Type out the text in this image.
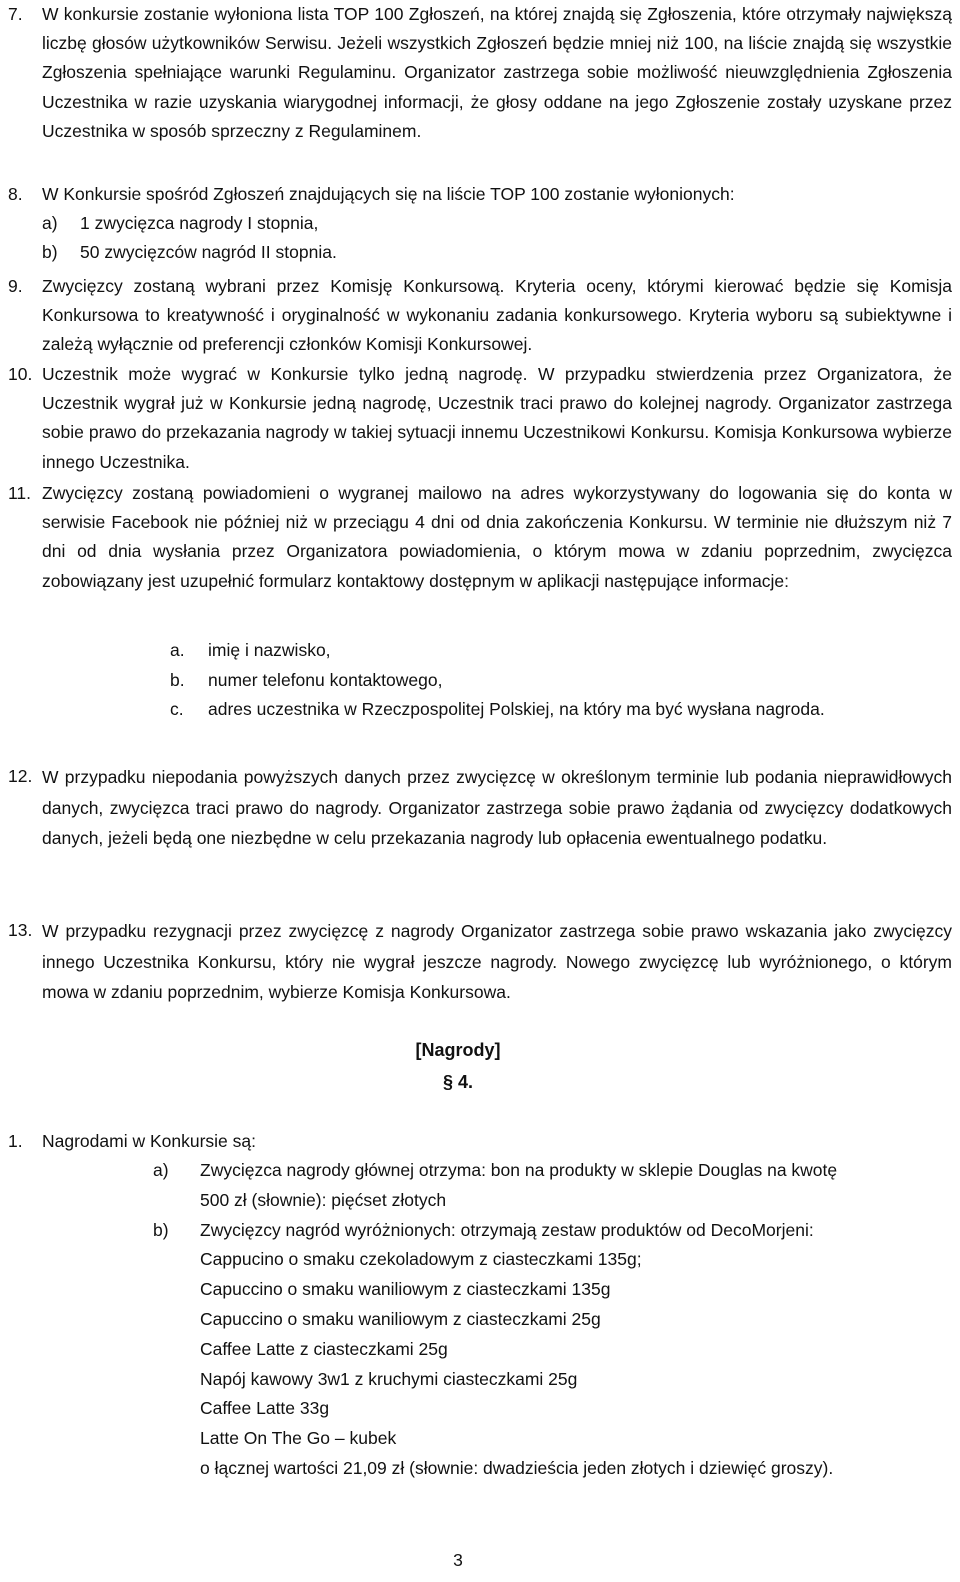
7. W konkursie zostanie wyłoniona lista TOP 100 Zgłoszeń, na której znajdą się Zgłoszenia, które otrzymały największą liczbę głosów użytkowników Serwisu. Jeżeli wszystkich Zgłoszeń będzie mniej niż 100, na liście znajdą się wszystkie Zgłoszenia spełniające warunki Regulaminu. Organizator zastrzega sobie możliwość nieuwzględnienia Zgłoszenia Uczestnika w razie uzyskania wiarygodnej informacji, że głosy oddane na jego Zgłoszenie zostały uzyskane przez Uczestnika w sposób sprzeczny z Regulaminem.

8. W Konkursie spośród Zgłoszeń znajdujących się na liście TOP 100 zostanie wyłonionych:

a) 1 zwycięzca nagrody I stopnia,
b) 50 zwycięzców nagród II stopnia.
9. Zwycięzcy zostaną wybrani przez Komisję Konkursową. Kryteria oceny, którymi kierować będzie się Komisja Konkursowa to kreatywność i oryginalność w wykonaniu zadania konkursowego. Kryteria wyboru są subiektywne i zależą wyłącznie od preferencji członków Komisji Konkursowej.

10. Uczestnik może wygrać w Konkursie tylko jedną nagrodę. W przypadku stwierdzenia przez Organizatora, że Uczestnik wygrał już w Konkursie jedną nagrodę, Uczestnik traci prawo do kolejnej nagrody. Organizator zastrzega sobie prawo do przekazania nagrody w takiej sytuacji innemu Uczestnikowi Konkursu. Komisja Konkursowa wybierze innego Uczestnika.

11. Zwycięzcy zostaną powiadomieni o wygranej mailowo na adres wykorzystywany do logowania się do konta w serwisie Facebook nie później niż w przeciągu 4 dni od dnia zakończenia Konkursu. W terminie nie dłuższym niż 7 dni od dnia wysłania przez Organizatora powiadomienia, o którym mowa w zdaniu poprzednim, zwycięzca zobowiązany jest uzupełnić formularz kontaktowy dostępnym w aplikacji następujące informacje:

a. imię i nazwisko,
b. numer telefonu kontaktowego,
c. adres uczestnika w Rzeczpospolitej Polskiej, na który ma być wysłana nagroda.
12. W przypadku niepodania powyższych danych przez zwycięzcę w określonym terminie lub podania nieprawidłowych danych, zwycięzca traci prawo do nagrody. Organizator zastrzega sobie prawo żądania od zwycięzcy dodatkowych danych, jeżeli będą one niezbędne w celu przekazania nagrody lub opłacenia ewentualnego podatku.

13. W przypadku rezygnacji przez zwycięzcę z nagrody Organizator zastrzega sobie prawo wskazania jako zwycięzcy innego Uczestnika Konkursu, który nie wygrał jeszcze nagrody. Nowego zwycięzcę lub wyróżnionego, o którym mowa w zdaniu poprzednim, wybierze Komisja Konkursowa.

[Nagrody]
§ 4.
1. Nagrodami w Konkursie są:
a) Zwycięzca nagrody głównej otrzyma: bon na produkty w sklepie Douglas na kwotę
500 zł (słownie): pięćset złotych
b) Zwycięzcy nagród wyróżnionych: otrzymają zestaw produktów od DecoMorjeni:
Cappucino o smaku czekoladowym z ciasteczkami 135g;
Capuccino o smaku waniliowym z ciasteczkami 135g
Capuccino o smaku waniliowym z ciasteczkami 25g
Caffee Latte z ciasteczkami 25g
Napój kawowy 3w1 z kruchymi ciasteczkami 25g
Caffee Latte 33g
Latte On The Go – kubek
o łącznej wartości 21,09 zł (słownie: dwadzieścia jeden złotych i dziewięć groszy).
3
